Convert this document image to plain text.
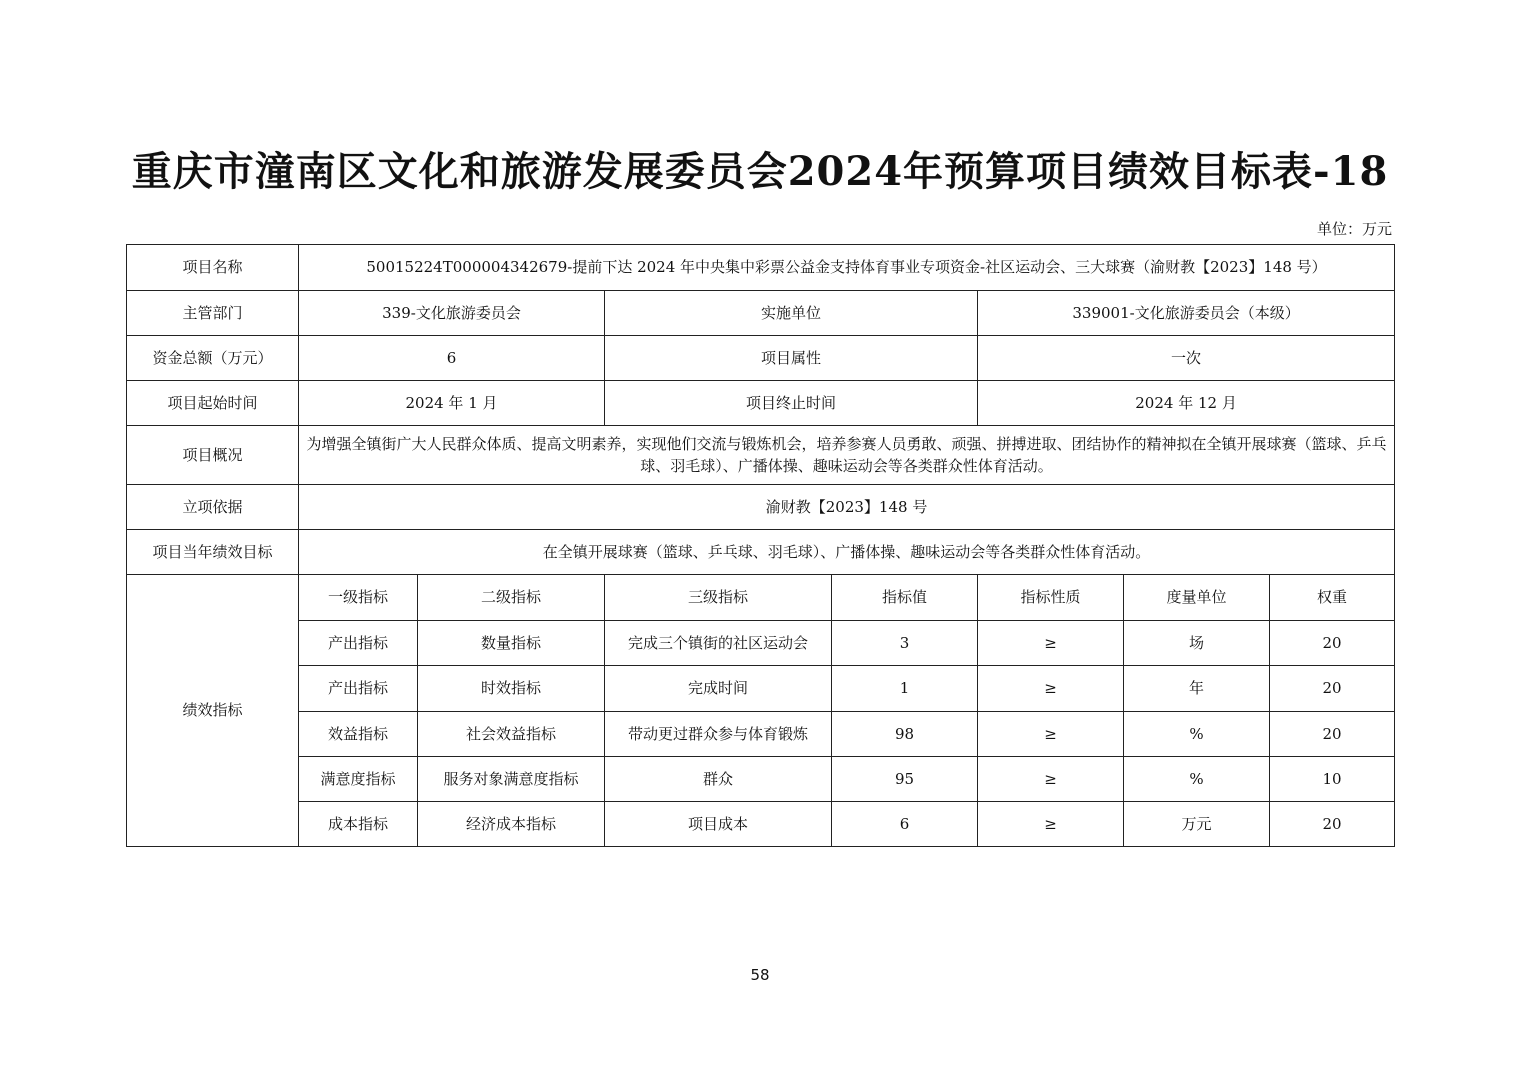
重庆市潼南区文化和旅游发展委员会2024年预算项目绩效目标表-18
单位：万元
项目名称	50015224T000004342679-提前下达 2024 年中央集中彩票公益金支持体育事业专项资金-社区运动会、三大球赛（渝财教【2023】148 号）						
主管部门	339-文化旅游委员会		实施单位		339001-文化旅游委员会（本级）		
资金总额（万元）	6		项目属性		一次		
项目起始时间	2024 年 1 月		项目终止时间		2024 年 12 月		
项目概况	为增强全镇街广大人民群众体质、提高文明素养，实现他们交流与锻炼机会，培养参赛人员勇敢、顽强、拼搏进取、团结协作的精神拟在全镇开展球赛（篮球、乒乓球、羽毛球）、广播体操、趣味运动会等各类群众性体育活动。						
立项依据	渝财教【2023】148 号						
项目当年绩效目标	在全镇开展球赛（篮球、乒乓球、羽毛球）、广播体操、趣味运动会等各类群众性体育活动。						
绩效指标	一级指标	二级指标	三级指标	指标值	指标性质	度量单位	权重
	产出指标	数量指标	完成三个镇街的社区运动会	3	≥	场	20
	产出指标	时效指标	完成时间	1	≥	年	20
	效益指标	社会效益指标	带动更过群众参与体育锻炼	98	≥	%	20
	满意度指标	服务对象满意度指标	群众	95	≥	%	10
	成本指标	经济成本指标	项目成本	6	≥	万元	20
58
